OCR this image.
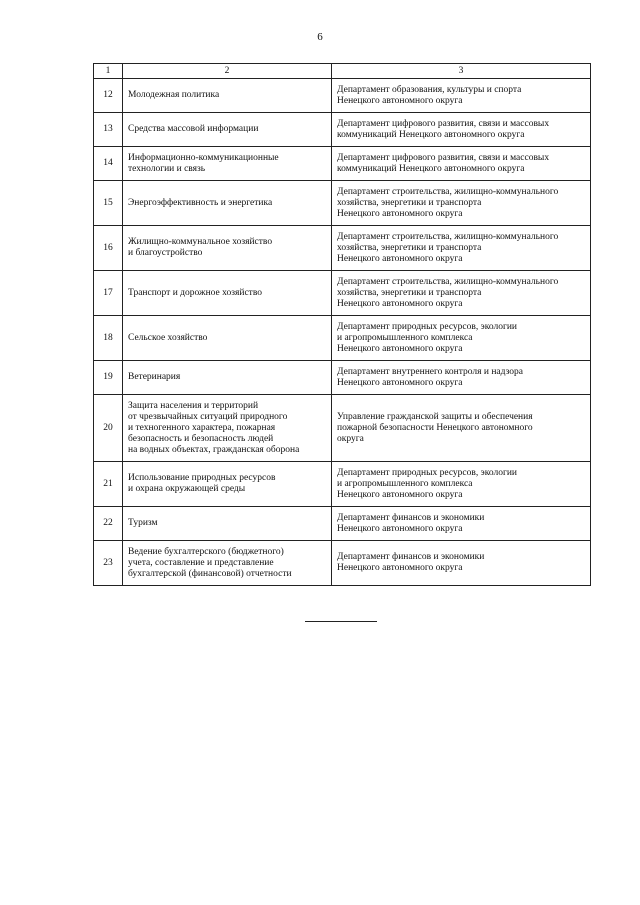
6
1	2	3
12	Молодежная политика	Департамент образования, культуры и спорта
Ненецкого автономного округа

13	Средства массовой информации	Департамент цифрового развития, связи и массовых
коммуникаций Ненецкого автономного округа

14	Информационно-коммуникационные
технологии и связь	Департамент цифрового развития, связи и массовых
коммуникаций Ненецкого автономного округа

15	Энергоэффективность и энергетика	Департамент строительства, жилищно-коммунального
хозяйства, энергетики и транспорта
Ненецкого автономного округа

16	Жилищно-коммунальное хозяйство
и благоустройство	Департамент строительства, жилищно-коммунального
хозяйства, энергетики и транспорта
Ненецкого автономного округа

17	Транспорт и дорожное хозяйство	Департамент строительства, жилищно-коммунального
хозяйства, энергетики и транспорта
Ненецкого автономного округа

18	Сельское хозяйство	Департамент природных ресурсов, экологии
и агропромышленного комплекса
Ненецкого автономного округа

19	Ветеринария	Департамент внутреннего контроля и надзора
Ненецкого автономного округа

20	Защита населения и территорий
от чрезвычайных ситуаций природного
и техногенного характера, пожарная
безопасность и безопасность людей
на водных объектах, гражданская оборона	Управление гражданской защиты и обеспечения
пожарной безопасности Ненецкого автономного
округа

21	Использование природных ресурсов
и охрана окружающей среды	Департамент природных ресурсов, экологии
и агропромышленного комплекса
Ненецкого автономного округа

22	Туризм	Департамент финансов и экономики
Ненецкого автономного округа

23	Ведение бухгалтерского (бюджетного)
учета, составление и представление
бухгалтерской (финансовой) отчетности	Департамент финансов и экономики
Ненецкого автономного округа
